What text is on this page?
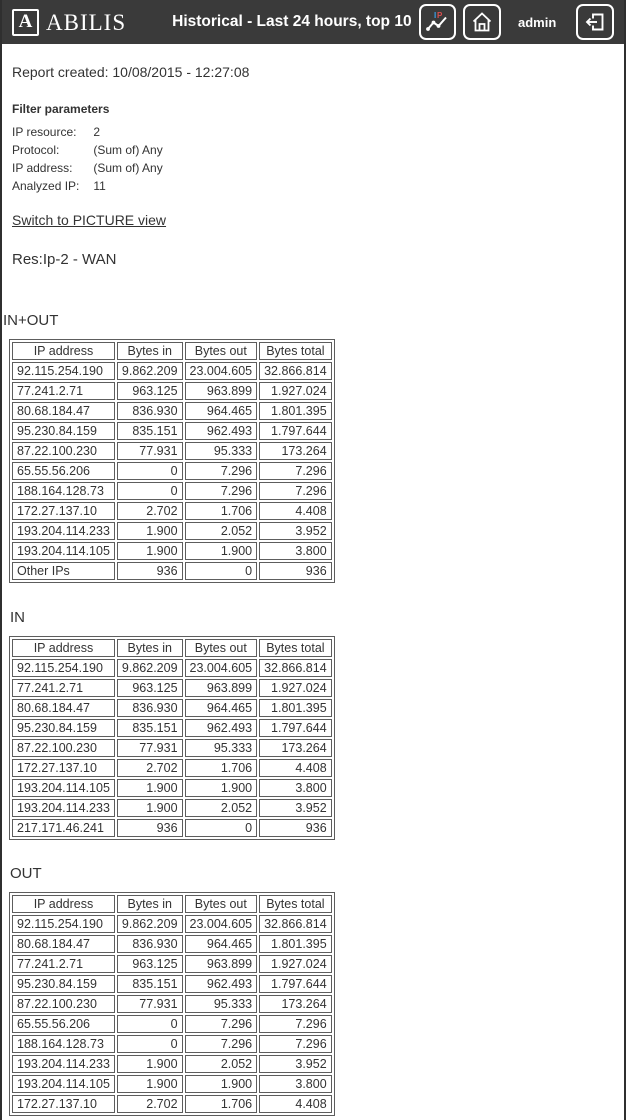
A ABILIS	Historical - Last 24 hours, top 10	I P	admin
Report created: 10/08/2015 - 12:27:08
Filter parameters
IP resource: 2
Protocol:	(Sum of) Any
IP address: (Sum of) Any
Analyzed IP: 11
Switch to PICTURE view
Res:Ip-2 - WAN
IN+OUT
IP address	Bytes in	Bytes out	Bytes total
92.115.254.190	9.862.209	23.004.605	32.866.814
77.241.2.71	963.125	963.899	1.927.024
80.68.184.47	836.930	964.465	1.801.395
95.230.84.159	835.151	962.493	1.797.644
87.22.100.230	77.931	95.333	173.264
65.55.56.206	0	7.296	7.296
188.164.128.73	0	7.296	7.296
172.27.137.10	2.702	1.706	4.408
193.204.114.233	1.900	2.052	3.952
193.204.114.105	1.900	1.900	3.800
Other IPs	936	0	936
IN
IP address	Bytes in	Bytes out	Bytes total
92.115.254.190	9.862.209	23.004.605	32.866.814
77.241.2.71	963.125	963.899	1.927.024
80.68.184.47	836.930	964.465	1.801.395
95.230.84.159	835.151	962.493	1.797.644
87.22.100.230	77.931	95.333	173.264
172.27.137.10	2.702	1.706	4.408
193.204.114.105	1.900	1.900	3.800
193.204.114.233	1.900	2.052	3.952
217.171.46.241	936	0	936
OUT
IP address	Bytes in	Bytes out	Bytes total
92.115.254.190	9.862.209	23.004.605	32.866.814
80.68.184.47	836.930	964.465	1.801.395
77.241.2.71	963.125	963.899	1.927.024
95.230.84.159	835.151	962.493	1.797.644
87.22.100.230	77.931	95.333	173.264
65.55.56.206	0	7.296	7.296
188.164.128.73	0	7.296	7.296
193.204.114.233	1.900	2.052	3.952
193.204.114.105	1.900	1.900	3.800
172.27.137.10	2.702	1.706	4.408
